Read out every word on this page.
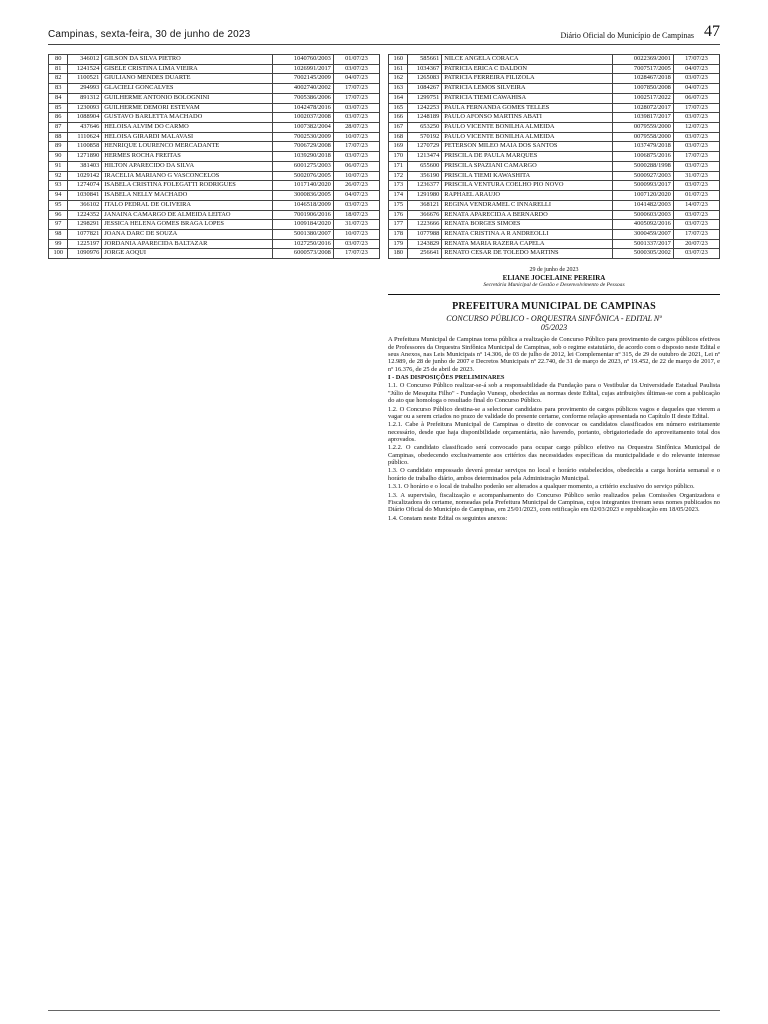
Campinas, sexta-feira, 30 de junho de 2023	Diário Oficial do Município de Campinas 47
80	346012	GILSON DA SILVA PIETRO	1040760/2003	01/07/23
81	1241524	GISELE CRISTINA LIMA VIEIRA	1026991/2017	03/07/23
82	1100521	GIULIANO MENDES DUARTE	7002145/2009	04/07/23
83	294993	GLACIELI GONCALVES	4002740/2002	17/07/23
84	891312	GUILHERME ANTONIO BOLOGNINI	7005386/2006	17/07/23
85	1230093	GUILHERME DEMORI ESTEVAM	1042478/2016	03/07/23
86	1088904	GUSTAVO BARLETTA MACHADO	1002037/2008	03/07/23
87	437646	HELOISA ALVIM DO CARMO	1007382/2004	28/07/23
88	1110624	HELOISA GIRARDI MALAVASI	7002530/2009	10/07/23
89	1100858	HENRIQUE LOURENCO MERCADANTE	7006729/2008	17/07/23
90	1271890	HERMES ROCHA FREITAS	1039290/2018	03/07/23
91	381403	HILTON APARECIDO DA SILVA	6001275/2003	06/07/23
92	1029142	IRACELIA MARIANO G VASCONCELOS	5002076/2005	10/07/23
93	1274074	ISABELA CRISTINA FOLEGATTI RODRIGUES	1017140/2020	26/07/23
94	1030841	ISABELA NELLY MACHADO	3000836/2005	04/07/23
95	366102	ITALO PEDRAL DE OLIVEIRA	1046518/2009	03/07/23
96	1224352	JANAINA CAMARGO DE ALMEIDA LEITAO	7001906/2016	18/07/23
97	1298291	JESSICA HELENA GOMES BRAGA LOPES	1009184/2020	31/07/23
98	1077821	JOANA DARC DE SOUZA	5001380/2007	10/07/23
99	1225197	JORDANIA APARECIDA BALTAZAR	1027250/2016	03/07/23
100	1090976	JORGE AOQUI	6000573/2008	17/07/23
160	585661	NILCE ANGELA CORACA	0022369/2001	17/07/23
161	1034367	PATRICIA ERICA C DALDON	7007517/2005	04/07/23
162	1265083	PATRICIA FERREIRA FILIZOLA	1028467/2018	03/07/23
163	1084267	PATRICIA LEMOS SILVEIRA	1007850/2008	04/07/23
164	1299751	PATRICIA TIEMI CAWAHISA	1002517/2022	06/07/23
165	1242253	PAULA FERNANDA GOMES TELLES	1028072/2017	17/07/23
166	1248189	PAULO AFONSO MARTINS ABATI	1039817/2017	03/07/23
167	653250	PAULO VICENTE BONILHA ALMEIDA	0079559/2000	12/07/23
168	570192	PAULO VICENTE BONILHA ALMEIDA	0079558/2000	03/07/23
169	1270729	PETERSON MILEO MAIA DOS SANTOS	1037479/2018	03/07/23
170	1213474	PRISCILA DE PAULA MARQUES	1006875/2016	17/07/23
171	655600	PRISCILA SPAZIANI CAMARGO	5000288/1998	03/07/23
172	356190	PRISCILA TIEMI KAWASHITA	5000927/2003	31/07/23
173	1236377	PRISCILA VENTURA COELHO PIO NOVO	5000993/2017	03/07/23
174	1291980	RAPHAEL ARAUJO	1007120/2020	01/07/23
175	368121	REGINA VENDRAMEL C INNARELLI	1041482/2003	14/07/23
176	366676	RENATA APARECIDA A BERNARDO	5000603/2003	03/07/23
177	1223666	RENATA BORGES SIMOES	4005092/2016	03/07/23
178	1077988	RENATA CRISTINA A R ANDREOLLI	3000459/2007	17/07/23
179	1243829	RENATA MARIA RAZERA CAPELA	5001337/2017	20/07/23
180	256641	RENATO CESAR DE TOLEDO MARTINS	5000305/2002	03/07/23
29 de junho de 2023
ELIANE JOCELAINE PEREIRA
Secretária Municipal de Gestão e Desenvolvimento de Pessoas
PREFEITURA MUNICIPAL DE CAMPINAS
CONCURSO PÚBLICO - ORQUESTRA SINFÔNICA - EDITAL Nº
05/2023

A Prefeitura Municipal de Campinas torna pública a realização de Concurso Público para provimento de cargos públicos efetivos de Professores da Orquestra Sinfônica Municipal de Campinas, sob o regime estatutário, de acordo com o disposto neste Edital e seus Anexos, nas Leis Municipais nº 14.306, de 03 de julho de 2012, lei Complementar nº 315, de 29 de outubro de 2021, Lei nº 12.989, de 28 de junho de 2007 e Decretos Municipais nº 22.740, de 31 de março de 2023, nº 19.452, de 22 de março de 2017, e nº 16.376, de 25 de abril de 2023.

I - DAS DISPOSIÇÕES PRELIMINARES

1.1. O Concurso Público realizar-se-á sob a responsabilidade da Fundação para o Vestibular da Universidade Estadual Paulista "Júlio de Mesquita Filho" - Fundação Vunesp, obedecidas as normas deste Edital, cujas atribuições últimas-se com a publicação do ato que homologa o resultado final do Concurso Público.

1.2. O Concurso Público destina-se a selecionar candidatos para provimento de cargos públicos vagos e daqueles que vierem a vagar ou a serem criados no prazo de validade do presente certame, conforme relação apresentada no Capítulo II deste Edital.

1.2.1. Cabe à Prefeitura Municipal de Campinas o direito de convocar os candidatos classificados em número estritamente necessário, desde que haja disponibilidade orçamentária, não havendo, portanto, obrigatoriedade do aproveitamento total dos aprovados.

1.2.2. O candidato classificado será convocado para ocupar cargo público efetivo na Orquestra Sinfônica Municipal de Campinas, obedecendo exclusivamente aos critérios das necessidades específicas da municipalidade e do relevante interesse público.

1.3. O candidato empossado deverá prestar serviços no local e horário estabelecidos, obedecida a carga horária semanal e o horário de trabalho diário, ambos determinados pela Administração Municipal.

1.3.1. O horário e o local de trabalho poderão ser alterados a qualquer momento, a critério exclusivo do serviço público.

1.3. A supervisão, fiscalização e acompanhamento do Concurso Público serão realizados pelas Comissões Organizadora e Fiscalizadora do certame, nomeadas pela Prefeitura Municipal de Campinas, cujos integrantes tiveram seus nomes publicados no Diário Oficial do Município de Campinas, em 25/01/2023, com retificação em 02/03/2023 e republicação em 18/05/2023.

1.4. Constam neste Edital os seguintes anexos:
